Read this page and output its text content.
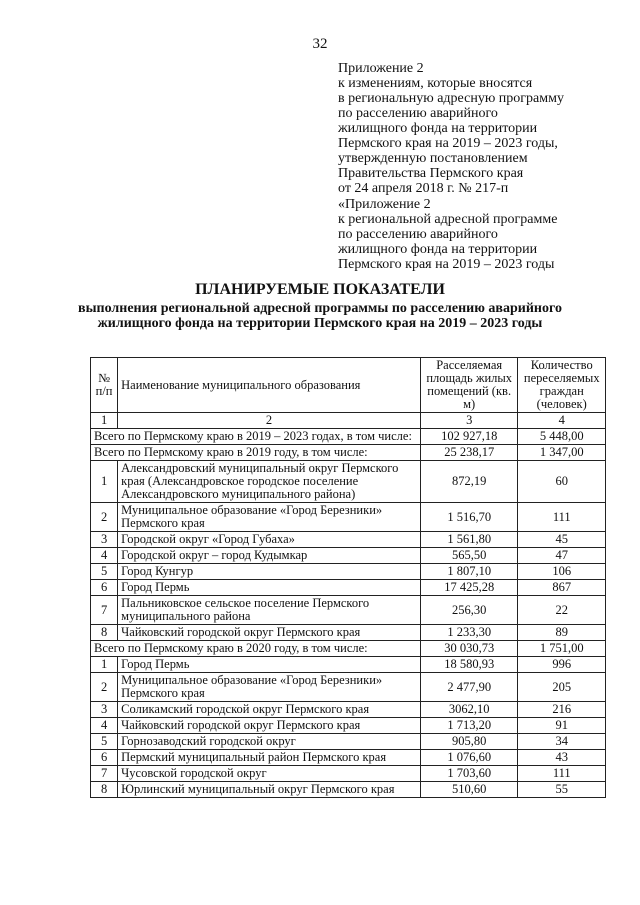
32
Приложение 2
к изменениям, которые вносятся
в региональную адресную программу
по расселению аварийного
жилищного фонда на территории
Пермского края на 2019 – 2023 годы,
утвержденную постановлением
Правительства Пермского края
от 24 апреля 2018 г. № 217-п
«Приложение 2
к региональной адресной программе
по расселению аварийного
жилищного фонда на территории
Пермского края на 2019 – 2023 годы
ПЛАНИРУЕМЫЕ ПОКАЗАТЕЛИ
выполнения региональной адресной программы по расселению аварийного жилищного фонда на территории Пермского края на 2019 – 2023 годы
№ п/п	Наименование муниципального образования	Расселяемая площадь жилых помещений (кв. м)	Количество переселяемых граждан (человек)
1	2	3	4
Всего по Пермскому краю в 2019 – 2023 годах, в том числе:		102 927,18	5 448,00
Всего по Пермскому краю в 2019 году, в том числе:		25 238,17	1 347,00
1	Александровский муниципальный округ Пермского края (Александровское городское поселение Александровского муниципального района)	872,19	60
2	Муниципальное образование «Город Березники» Пермского края	1 516,70	111
3	Городской округ «Город Губаха»	1 561,80	45
4	Городской округ – город Кудымкар	565,50	47
5	Город Кунгур	1 807,10	106
6	Город Пермь	17 425,28	867
7	Пальниковское сельское поселение Пермского муниципального района	256,30	22
8	Чайковский городской округ Пермского края	1 233,30	89
Всего по Пермскому краю в 2020 году, в том числе:		30 030,73	1 751,00
1	Город Пермь	18 580,93	996
2	Муниципальное образование «Город Березники» Пермского края	2 477,90	205
3	Соликамский городской округ Пермского края	3062,10	216
4	Чайковский городской округ Пермского края	1 713,20	91
5	Горнозаводский городской округ	905,80	34
6	Пермский муниципальный район Пермского края	1 076,60	43
7	Чусовской городской округ	1 703,60	111
8	Юрлинский муниципальный округ Пермского края	510,60	55
